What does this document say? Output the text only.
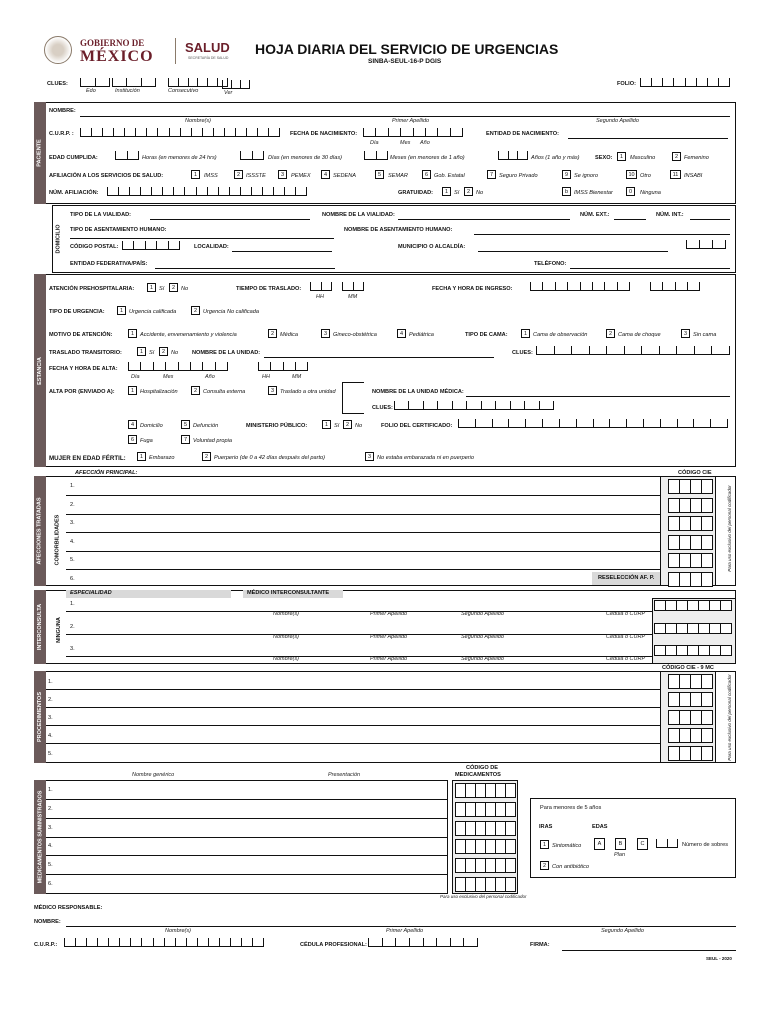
GOBIERNO DE
MÉXICO
SALUD
SECRETARÍA DE SALUD
HOJA DIARIA DEL SERVICIO DE URGENCIAS
SINBA-SEUL-16-P DGIS
CLUES:
Edo	Institución	Consecutivo	Ver
FOLIO:
PACIENTE
NOMBRE:
Nombre(s)	Primer Apellido	Segundo Apellido
C.U.R.P. :	FECHA DE NACIMIENTO:
Día	Mes Año
ENTIDAD DE NACIMIENTO:
EDAD CUMPLIDA:	Horas (en menores de 24 hrs)	Días (en menores de 30 días)	Meses (en menores de 1 año)	Años (1 año y más)	SEXO:	1	Masculino	2	Femenino
AFILIACIÓN A LOS SERVICIOS DE SALUD:	1	IMSS	2	ISSSTE	3	PEMEX	4	SEDENA	5	SEMAR	6	Gob. Estatal	7	Seguro Privado	9	Se ignoro	10 Otro	11	INSABI
NÚM. AFILIACIÓN:	GRATUIDAD:	1	Sí	2	No	b	IMSS Bienestar	0	Ninguna
DOMICILIO
TIPO DE LA VIALIDAD:	NOMBRE DE LA VIALIDAD:	NÚM. EXT.:	NÚM. INT.:
TIPO DE ASENTAMIENTO HUMANO:	NOMBRE DE ASENTAMIENTO HUMANO:
CÓDIGO POSTAL:	LOCALIDAD:	MUNICIPIO O ALCALDÍA:
ENTIDAD FEDERATIVA/PAÍS:	TELÉFONO:
ESTANCIA
ATENCIÓN PREHOSPITALARIA:	1	Sí	2	No	TIEMPO DE TRASLADO:
HH	MM
FECHA Y HORA DE INGRESO:
TIPO DE URGENCIA:	1	Urgencia calificada	2	Urgencia No calificada
MOTIVO DE ATENCIÓN:	1	Accidente, envenenamiento y violencia	2	Médica	3	Gineco-obstétrica	4	Pediátrica	TIPO DE CAMA:	1	Cama de observación	2	Cama de choque	3	Sin cama
TRASLADO TRANSITORIO:	1	Sí	2	No NOMBRE DE LA UNIDAD:	CLUES:
FECHA Y HORA DE ALTA:
Día	Mes	Año	HH	MM
ALTA POR (ENVIADO A):	1	Hospitalización	2	Consulta externa	3	Traslado a otra unidad	NOMBRE DE LA UNIDAD MÉDICA:
CLUES:
4	Domicilio	5	Defunción	MINISTERIO PÚBLICO:	1	Sí	2	No	FOLIO DEL CERTIFICADO:
6	Fuga	7	Voluntad propia
MUJER EN EDAD FÉRTIL:	1	Embarazo	2	Puerperio (de 0 a 42 días después del parto)	3	No estaba embarazada ni en puerperio
AFECCIÓN PRINCIPAL:	CÓDIGO CIE
AFECCIONES TRATADAS COMORBILIDADES	Para uso exclusivo del personal codificador
1.
2.
3.
4.
5.
6.	RESELECCIÓN AF. P.
INTERCONSULTA NINGUNA
ESPECIALIDAD	MÉDICO INTERCONSULTANTE
1.
Nombre(s)	Primer Apellido	Segundo Apellido	Cédula o CURP
2.
Nombre(s)	Primer Apellido	Segundo Apellido	Cédula o CURP
3.
Nombre(s)	Primer Apellido	Segundo Apellido	Cédula o CURP
CÓDIGO CIE - 9 MC
PROCEDIMIENTOS	Para uso exclusivo del personal codificador
1.
2.
3.
4.
5.
CÓDIGO DE
MEDICAMENTOS
Nombre genérico	Presentación
MEDICAMENTOS SUMINISTRADOS
Para uso exclusivo del personal codificador
1.
2.
3.
4.
5.
6.
Para menores de 5 años
IRAS	EDAS
1	Sintomático	A	B	C
Plan
Número de sobres
2	Con antibiótico
MÉDICO RESPONSABLE:
NOMBRE:
Nombre(s)	Primer Apellido	Segundo Apellido
C.U.R.P.:	CÉDULA PROFESIONAL:	FIRMA:
SEUL - 2020
